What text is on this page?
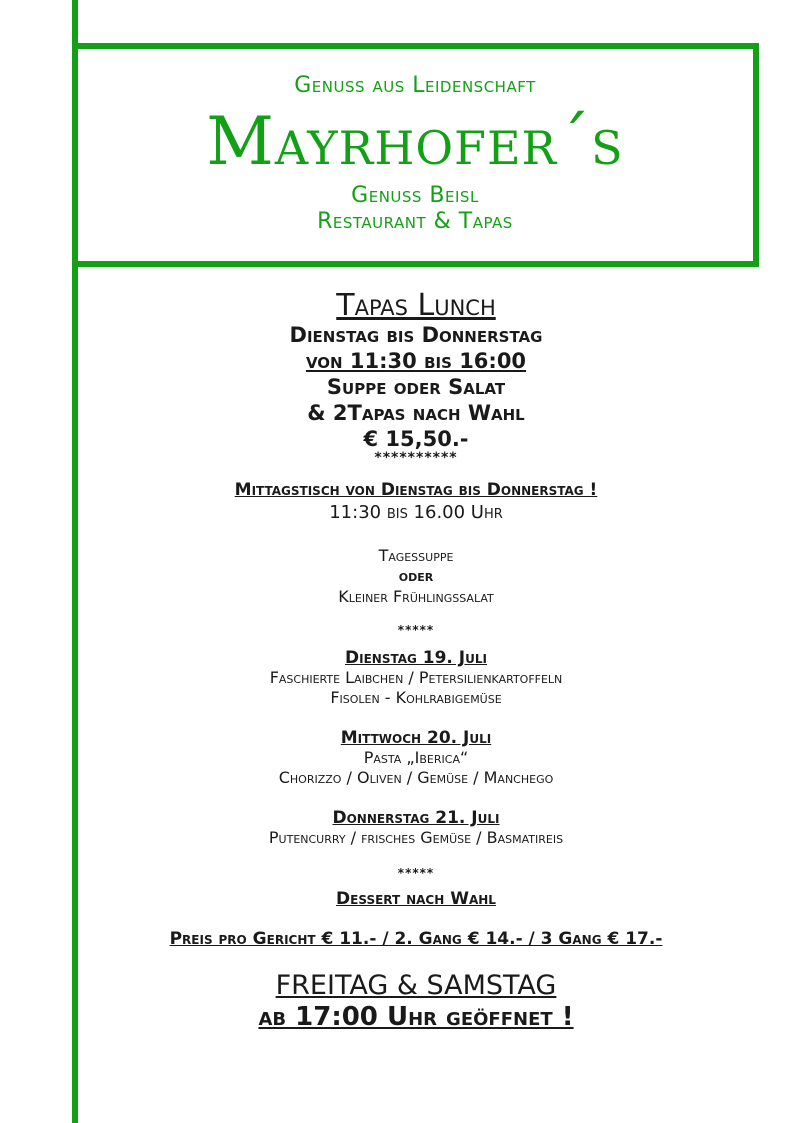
Genuss aus Leidenschaft
Mayrhofer´s
Genuss Beisl
Restaurant & Tapas
Tapas Lunch
Dienstag bis Donnerstag
von 11:30 bis 16:00
Suppe oder Salat
& 2Tapas nach Wahl
€ 15,50.-
**********
Mittagstisch von Dienstag bis Donnerstag !
11:30 bis 16.00 Uhr
Tagessuppe
oder
Kleiner Frühlingssalat
*****
Dienstag 19. Juli
Faschierte Laibchen / Petersilienkartoffeln
Fisolen - Kohlrabigemüse
Mittwoch 20. Juli
Pasta „Iberica“
Chorizzo / Oliven / Gemüse / Manchego
Donnerstag 21. Juli
Putencurry / frisches Gemüse / Basmatireis
*****
Dessert nach Wahl
Preis pro Gericht € 11.- / 2. Gang € 14.- / 3 Gang € 17.-
FREITAG & SAMSTAG
ab 17:00 Uhr geöffnet !
